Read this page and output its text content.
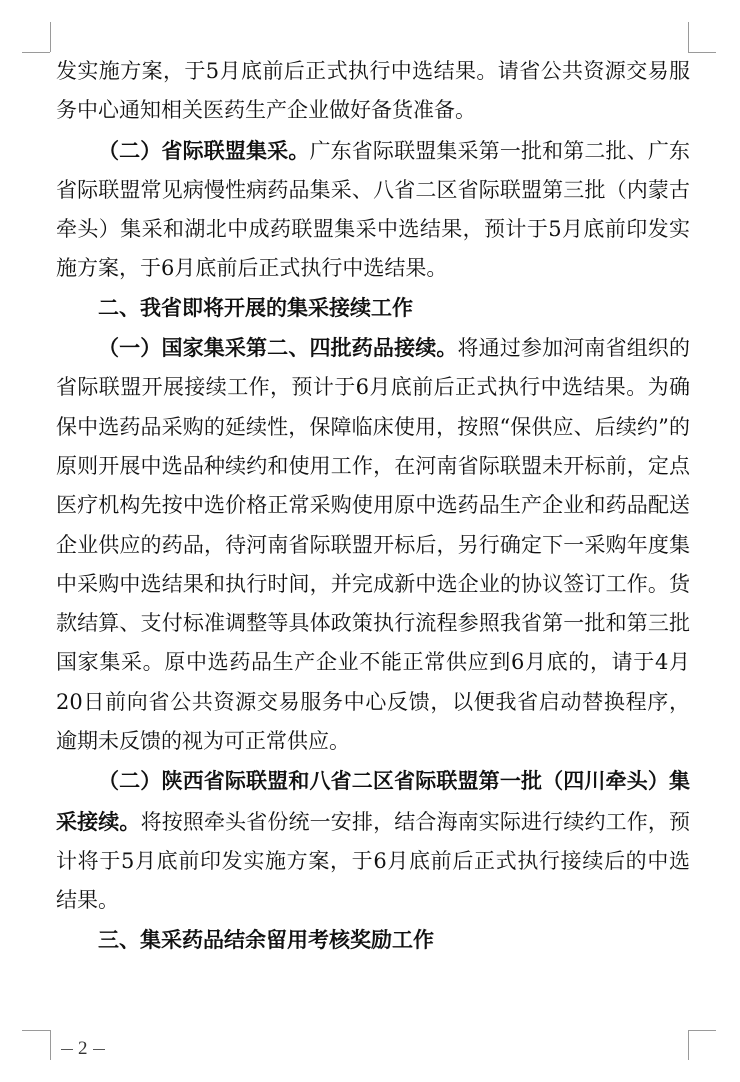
发实施方案，于5月底前后正式执行中选结果。请省公共资源交易服务中心通知相关医药生产企业做好备货准备。

（二）省际联盟集采。广东省际联盟集采第一批和第二批、广东省际联盟常见病慢性病药品集采、八省二区省际联盟第三批（内蒙古牵头）集采和湖北中成药联盟集采中选结果，预计于5月底前印发实施方案，于6月底前后正式执行中选结果。

二、我省即将开展的集采接续工作

（一）国家集采第二、四批药品接续。将通过参加河南省组织的省际联盟开展接续工作，预计于6月底前后正式执行中选结果。为确保中选药品采购的延续性，保障临床使用，按照“保供应、后续约”的原则开展中选品种续约和使用工作，在河南省际联盟未开标前，定点医疗机构先按中选价格正常采购使用原中选药品生产企业和药品配送企业供应的药品，待河南省际联盟开标后，另行确定下一采购年度集中采购中选结果和执行时间，并完成新中选企业的协议签订工作。货款结算、支付标准调整等具体政策执行流程参照我省第一批和第三批国家集采。原中选药品生产企业不能正常供应到6月底的，请于4月20日前向省公共资源交易服务中心反馈，以便我省启动替换程序，逾期未反馈的视为可正常供应。

（二）陕西省际联盟和八省二区省际联盟第一批（四川牵头）集采接续。将按照牵头省份统一安排，结合海南实际进行续约工作，预计将于5月底前印发实施方案，于6月底前后正式执行接续后的中选结果。

三、集采药品结余留用考核奖励工作

2
